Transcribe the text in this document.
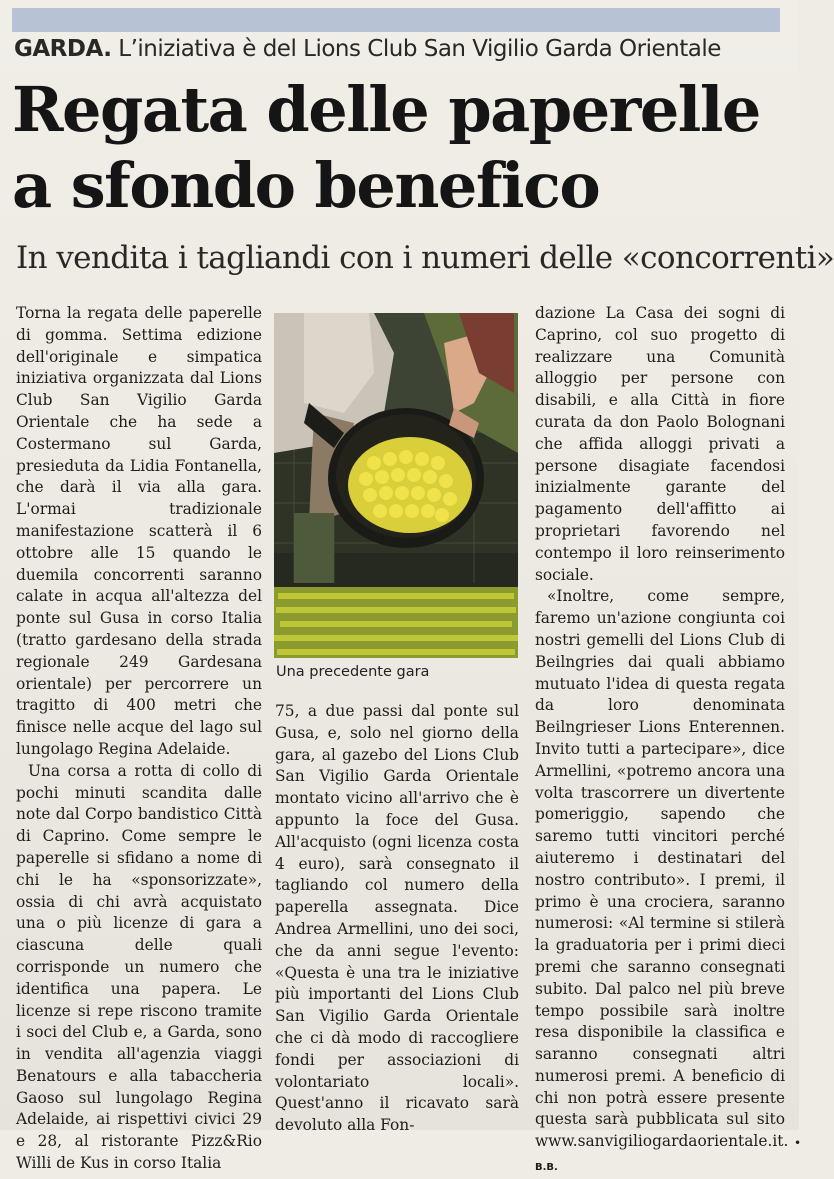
GARDA. L’iniziativa è del Lions Club San Vigilio Garda Orientale
Regata delle paperelle
a sfondo benefico
In vendita i tagliandi con i numeri delle «concorrenti»

Torna la regata delle paperelle di gomma. Settima edizione dell'originale e simpatica iniziativa organizzata dal Lions Club San Vigilio Garda Orientale che ha sede a Costermano sul Garda, presieduta da Lidia Fontanella, che darà il via alla gara. L'ormai tradizionale manifestazione scatterà il 6 ottobre alle 15 quando le duemila concorrenti saranno calate in acqua all'altezza del ponte sul Gusa in corso Italia (tratto gardesano della strada regionale 249 Gardesana orientale) per percorrere un tragitto di 400 metri che finisce nelle acque del lago sul lungolago Regina Adelaide.

Una corsa a rotta di collo di pochi minuti scandita dalle note dal Corpo bandistico Città di Caprino. Come sempre le paperelle si sfidano a nome di chi le ha «sponsorizzate», ossia di chi avrà acquistato una o più licenze di gara a ciascuna delle quali corrisponde un numero che identifica una papera. Le licenze si repe riscono tramite i soci del Club e, a Garda, sono in vendita all'agenzia viaggi Benatours e alla tabaccheria Gaoso sul lungolago Regina Adelaide, ai rispettivi civici 29 e 28, al ristorante Pizz&Rio Willi de Kus in corso Italia

Una precedente gara

75, a due passi dal ponte sul Gusa, e, solo nel giorno della gara, al gazebo del Lions Club San Vigilio Garda Orientale montato vicino all'arrivo che è appunto la foce del Gusa. All'acquisto (ogni licenza costa 4 euro), sarà consegnato il tagliando col numero della paperella assegnata. Dice Andrea Armellini, uno dei soci, che da anni segue l'evento: «Questa è una tra le iniziative più importanti del Lions Club San Vigilio Garda Orientale che ci dà modo di raccogliere fondi per associazioni di volontariato locali». Quest'anno il ricavato sarà devoluto alla Fon-

dazione La Casa dei sogni di Caprino, col suo progetto di realizzare una Comunità alloggio per persone con disabili, e alla Città in fiore curata da don Paolo Bolognani che affida alloggi privati a persone disagiate facendosi inizialmente garante del pagamento dell'affitto ai proprietari favorendo nel contempo il loro reinserimento sociale.

«Inoltre, come sempre, faremo un'azione congiunta coi nostri gemelli del Lions Club di Beilngries dai quali abbiamo mutuato l'idea di questa regata da loro denominata Beilngrieser Lions Enterennen. Invito tutti a partecipare», dice Armellini, «potremo ancora una volta trascorrere un divertente pomeriggio, sapendo che saremo tutti vincitori perché aiuteremo i destinatari del nostro contributo». I premi, il primo è una crociera, saranno numerosi: «Al termine si stilerà la graduatoria per i primi dieci premi che saranno consegnati subito. Dal palco nel più breve tempo possibile sarà inoltre resa disponibile la classifica e saranno consegnati altri numerosi premi. A beneficio di chi non potrà essere presente questa sarà pubblicata sul sito www.sanvigiliogardaorientale.it. • B.B.
